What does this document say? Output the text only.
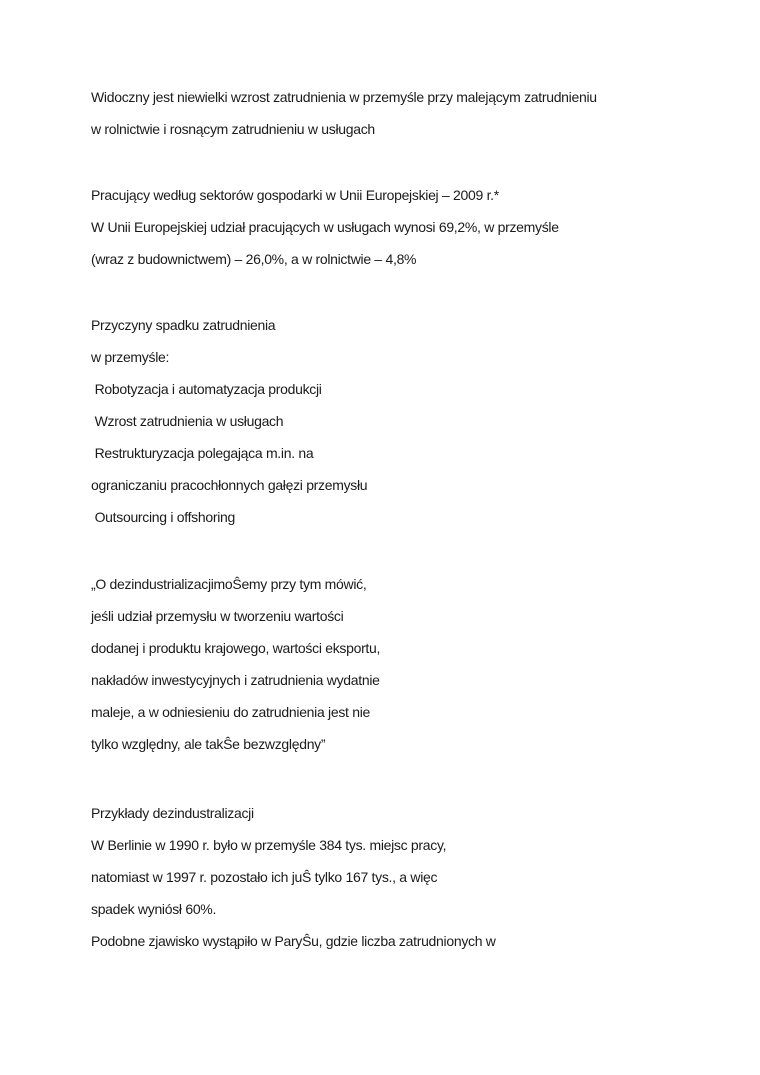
Widoczny jest niewielki wzrost zatrudnienia w przemyśle przy malejącym zatrudnieniu

w rolnictwie i rosnącym zatrudnieniu w usługach

Pracujący według sektorów gospodarki w Unii Europejskiej – 2009 r.*

W Unii Europejskiej udział pracujących w usługach wynosi 69,2%, w przemyśle

(wraz z budownictwem) – 26,0%, a w rolnictwie – 4,8%

Przyczyny spadku zatrudnienia

w przemyśle:

Robotyzacja i automatyzacja produkcji

Wzrost zatrudnienia w usługach

Restrukturyzacja polegająca m.in. na

ograniczaniu pracochłonnych gałęzi przemysłu

Outsourcing i offshoring

„O dezindustrializacjimoŜemy przy tym mówić,

jeśli udział przemysłu w tworzeniu wartości

dodanej i produktu krajowego, wartości eksportu,

nakładów inwestycyjnych i zatrudnienia wydatnie

maleje, a w odniesieniu do zatrudnienia jest nie

tylko względny, ale takŜe bezwzględny”

Przykłady dezindustralizacji

W Berlinie w 1990 r. było w przemyśle 384 tys. miejsc pracy,

natomiast w 1997 r. pozostało ich juŜ tylko 167 tys., a więc

spadek wyniósł 60%.

Podobne zjawisko wystąpiło w ParyŜu, gdzie liczba zatrudnionych w
